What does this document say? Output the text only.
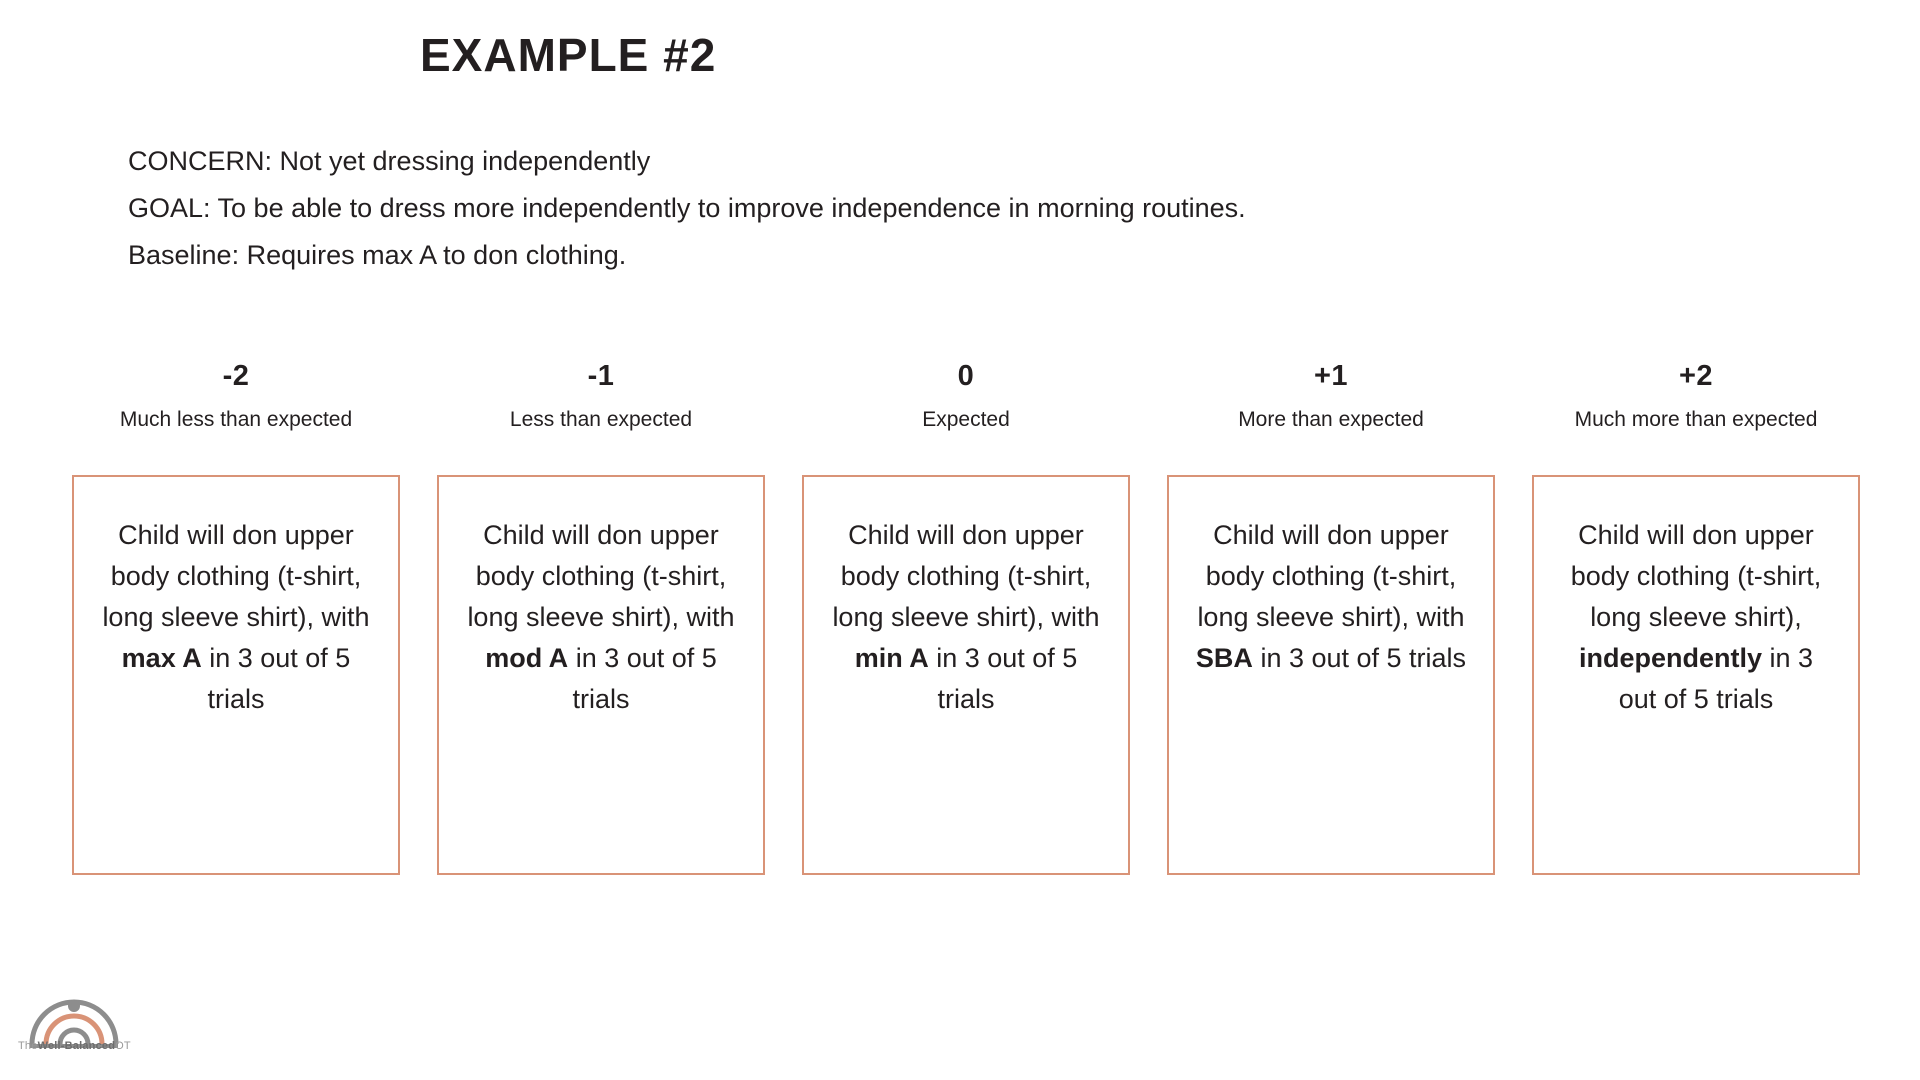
EXAMPLE #2
CONCERN: Not yet dressing independently
GOAL: To be able to dress more independently to improve independence in morning routines.
Baseline: Requires max A to don clothing.
-2
Much less than expected
Child will don upper body clothing (t-shirt, long sleeve shirt), with max A in 3 out of 5 trials
-1
Less than expected
Child will don upper body clothing (t-shirt, long sleeve shirt), with mod A in 3 out of 5 trials
0
Expected
Child will don upper body clothing (t-shirt, long sleeve shirt), with min A in 3 out of 5 trials
+1
More than expected
Child will don upper body clothing (t-shirt, long sleeve shirt), with SBA in 3 out of 5 trials
+2
Much more than expected
Child will don upper body clothing (t-shirt, long sleeve shirt), independently in 3 out of 5 trials
TheWell-BalancedOT
